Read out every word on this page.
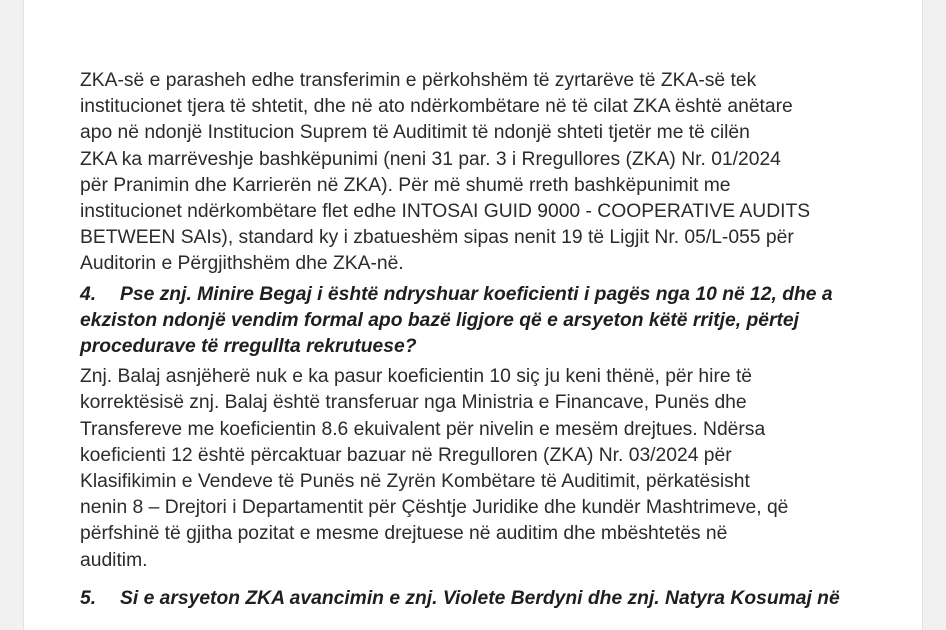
ZKA-së e parasheh edhe transferimin e përkohshëm të zyrtarëve të ZKA-së tek
institucionet tjera të shtetit, dhe në ato ndërkombëtare në të cilat ZKA është anëtare
apo në ndonjë Institucion Suprem të Auditimit të ndonjë shteti tjetër me të cilën
ZKA ka marrëveshje bashkëpunimi (neni 31 par. 3 i Rregullores (ZKA) Nr. 01/2024
për Pranimin dhe Karrierën në ZKA). Për më shumë rreth bashkëpunimit me
institucionet ndërkombëtare flet edhe INTOSAI GUID 9000 - COOPERATIVE AUDITS
BETWEEN SAIs), standard ky i zbatueshëm sipas nenit 19 të Ligjit Nr. 05/L-055 për
Auditorin e Përgjithshëm dhe ZKA-në.
4. Pse znj. Minire Begaj i është ndryshuar koeficienti i pagës nga 10 në 12, dhe a
ekziston ndonjë vendim formal apo bazë ligjore që e arsyeton këtë rritje, përtej
procedurave të rregullta rekrutuese?
Znj. Balaj asnjëherë nuk e ka pasur koeficientin 10 siç ju keni thënë, për hire të
korrektësisë znj. Balaj është transferuar nga Ministria e Financave, Punës dhe
Transfereve me koeficientin 8.6 ekuivalent për nivelin e mesëm drejtues. Ndërsa
koeficienti 12 është përcaktuar bazuar në Rregulloren (ZKA) Nr. 03/2024 për
Klasifikimin e Vendeve të Punës në Zyrën Kombëtare të Auditimit, përkatësisht
nenin 8 – Drejtori i Departamentit për Çështje Juridike dhe kundër Mashtrimeve, që
përfshinë të gjitha pozitat e mesme drejtuese në auditim dhe mbështetës në
auditim.
5. Si e arsyeton ZKA avancimin e znj. Violete Berdyni dhe znj. Natyra Kosumaj në
